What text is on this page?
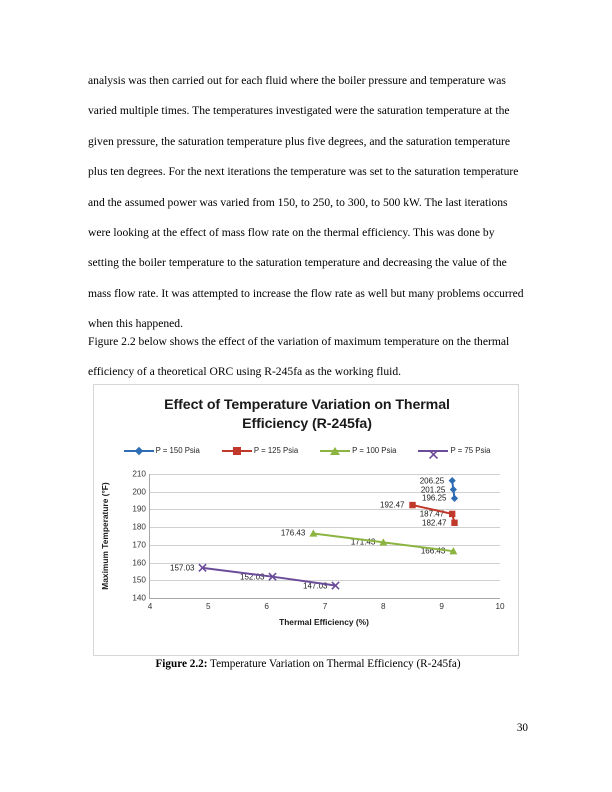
analysis was then carried out for each fluid where the boiler pressure and temperature was varied multiple times. The temperatures investigated were the saturation temperature at the given pressure, the saturation temperature plus five degrees, and the saturation temperature plus ten degrees. For the next iterations the temperature was set to the saturation temperature and the assumed power was varied from 150, to 250, to 300, to 500 kW. The last iterations were looking at the effect of mass flow rate on the thermal efficiency. This was done by setting the boiler temperature to the saturation temperature and decreasing the value of the mass flow rate. It was attempted to increase the flow rate as well but many problems occurred when this happened.
Figure 2.2 below shows the effect of the variation of maximum temperature on the thermal efficiency of a theoretical ORC using R-245fa as the working fluid.
Effect of Temperature Variation on Thermal
Efficiency (R-245fa)
P = 150 Psia	P = 125 Psia	P = 100 Psia	P = 75 Psia
Maximum Temperature (°F)
140
150
160
170
180
190
200
210
4	5	6	7	8	9	10
206.25
201.25
196.25
192.47
187.47
182.47
176.43
171.43
166.43
157.03
152.03
147.03
Thermal Efficiency (%)
Figure 2.2: Temperature Variation on Thermal Efficiency (R-245fa)
30
